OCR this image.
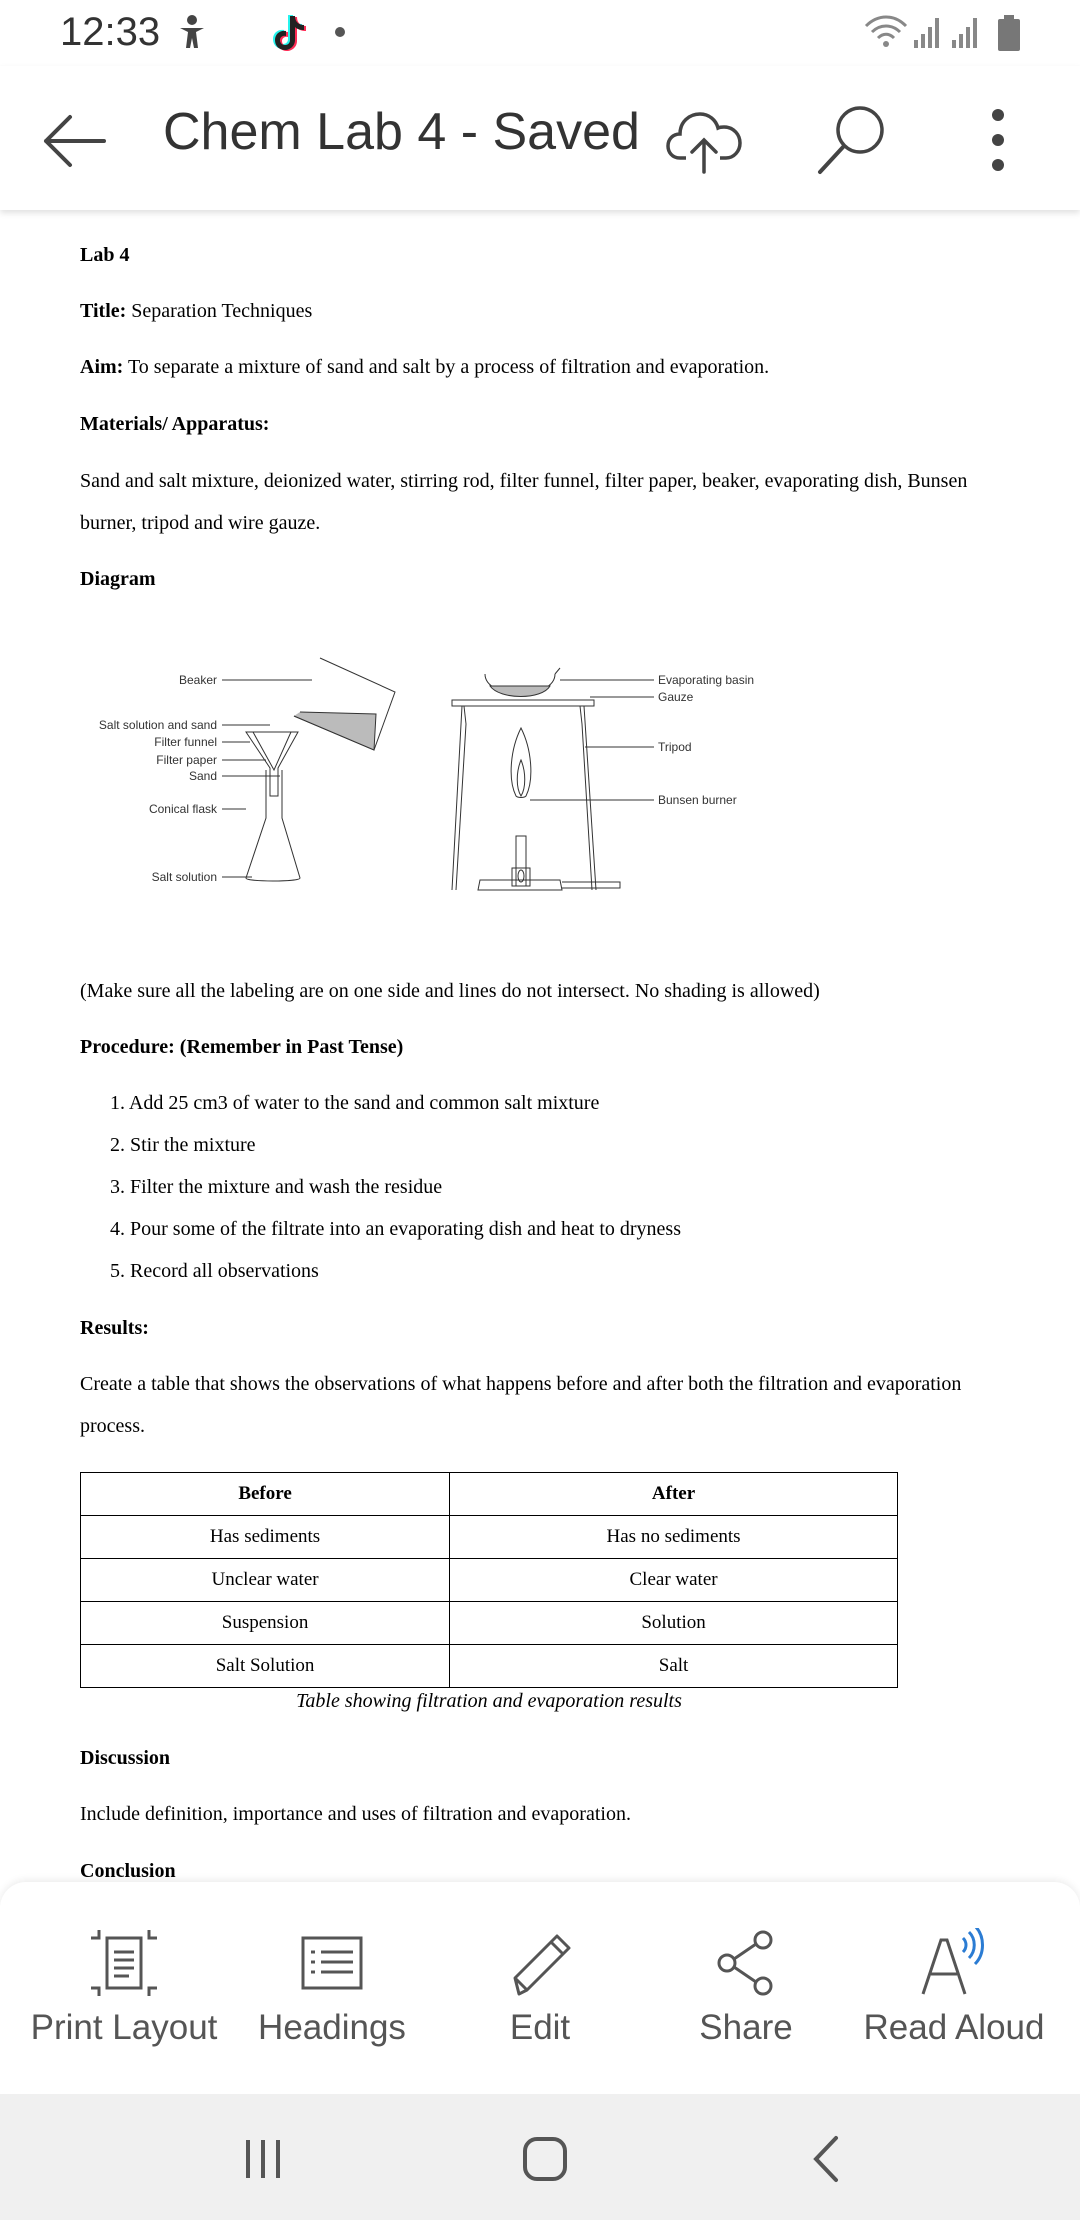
12:33
Chem Lab 4 - Saved
Lab 4
Title: Separation Techniques
Aim: To separate a mixture of sand and salt by a process of filtration and evaporation.
Materials/ Apparatus:
Sand and salt mixture, deionized water, stirring rod, filter funnel, filter paper, beaker, evaporating dish, Bunsen
burner, tripod and wire gauze.
Diagram
Beaker
Salt solution and sand
Filter funnel
Filter paper
Sand
Conical flask
Salt solution
Evaporating basin
Gauze
Tripod
Bunsen burner
(Make sure all the labeling are on one side and lines do not intersect. No shading is allowed)
Procedure: (Remember in Past Tense)
1. Add 25 cm3 of water to the sand and common salt mixture
2. Stir the mixture
3. Filter the mixture and wash the residue
4. Pour some of the filtrate into an evaporating dish and heat to dryness
5. Record all observations
Results:
Create a table that shows the observations of what happens before and after both the filtration and evaporation
process.
Before	After
Has sediments	Has no sediments
Unclear water	Clear water
Suspension	Solution
Salt Solution	Salt
Table showing filtration and evaporation results
Discussion
Include definition, importance and uses of filtration and evaporation.
Conclusion
Print Layout	Headings	Edit	Share	Read Aloud
